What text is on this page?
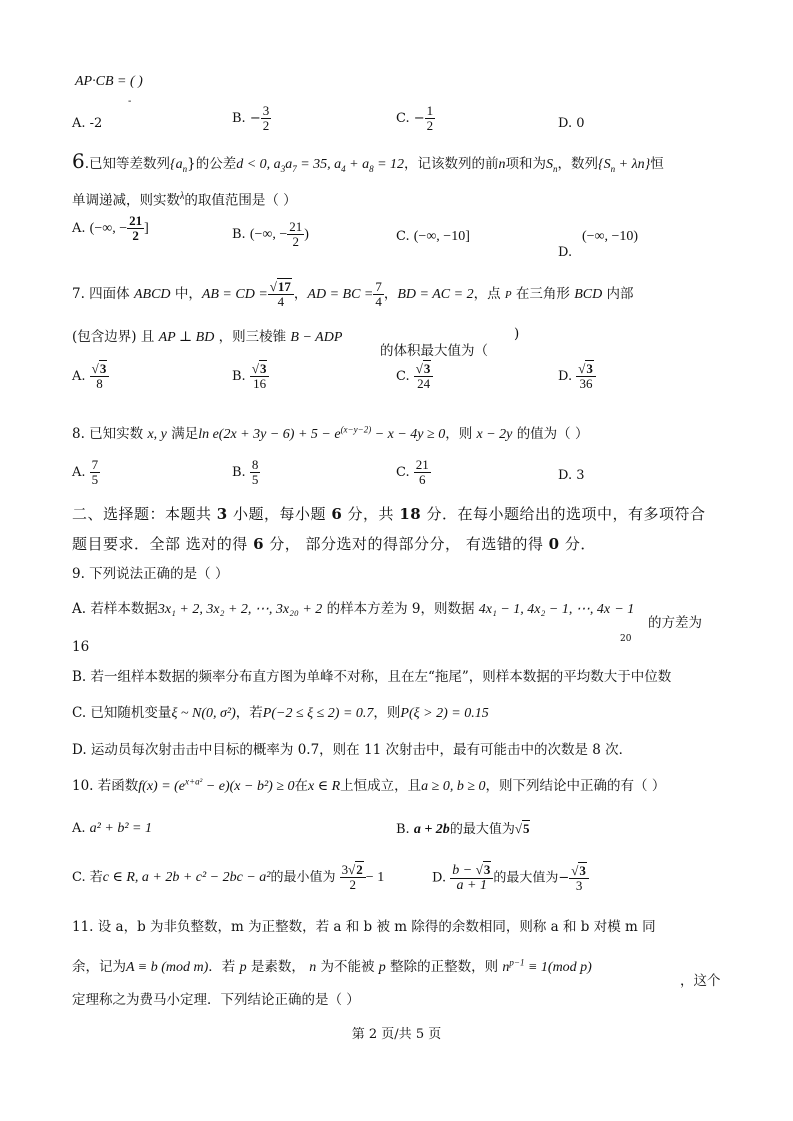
AP·CB = ( )
-
A. -2	B. − $\frac{3}{2}$	C. − $\frac{1}{2}$	D. 0
6.已知等差数列$\{a_n\}$的公差d < 0, $a_3a_7 = 35$, $a_4 + a_8 = 12$，记该数列的前n项和为$S_n$，数列$\{S_n + \lambda n\}$恒
单调递减，则实数$^\lambda$的取值范围是（ ）
A. (−∞, − $\frac{21}{2}$ ]	B. (−∞, − $\frac{21}{2}$ )	C. (−∞, −10]	(−∞, −10)
D.
7. 四面体 ABCD 中，AB = CD = $\frac{√17}{4}$ ，AD = BC = $\frac{7}{4}$ ，BD = AC = 2，点 P 在三角形 BCD 内部
(包含边界) 且 AP ⊥ BD ，则三棱锥 B − ADP	)
的体积最大值为（
A. $\frac{√3}{8}$	B. $\frac{√3}{16}$	C. $\frac{√3}{24}$	D. $\frac{√3}{36}$
8. 已知实数 x, y 满足$\ln e(2x + 3y - 6) + 5 - e^{(x-y-2)} - x - 4y \ge 0$，则 x − 2y 的值为（ ）
A. $\frac{7}{5}$	B. $\frac{8}{5}$	C. $\frac{21}{6}$	D. 3
二、选择题：本题共 3 小题，每小题 6 分，共 18 分．在每小题给出的选项中，有多项符合
题目要求．全部 选对的得 6 分， 部分选对的得部分分， 有选错的得 0 分．
9. 下列说法正确的是（ ）
A. 若样本数据3x₁ + 2, 3x₂ + 2, ⋯, 3x₂₀ + 2 的样本方差为 9，则数据 4x₁ − 1, 4x₂ − 1, ⋯, 4x − 1
20
的方差为
16
B. 若一组样本数据的频率分布直方图为单峰不对称，且在左“拖尾”，则样本数据的平均数大于中位数
C. 已知随机变量ξ ~ N(0, σ²)，若P(−2 ≤ ξ ≤ 2) = 0.7，则P(ξ > 2) = 0.15
D. 运动员每次射击击中目标的概率为 0.7，则在 11 次射击中，最有可能击中的次数是 8 次．
10. 若函数$f(x) = (e^{x+a^2} - e)(x - b^2) \ge 0$在x ∈ R上恒成立，且a ≥ 0, b ≥ 0，则下列结论中正确的有（ ）
A. a² + b² = 1	B. a + 2b的最大值为√5
C. 若c ∈ R, a + 2b + c² − 2bc − a²的最小值为 $\frac{3√2}{2} - 1$	D. $\frac{b - √3}{a + 1}$ 的最大值为− $\frac{√3}{3}$
11. 设 a，b 为非负整数，m 为正整数，若 a 和 b 被 m 除得的余数相同，则称 a 和 b 对模 m 同
余，记为A ≡ b (mod m)．若 p 是素数， n 为不能被 p 整除的正整数，则 $n^{p-1} \equiv 1(mod$ p)
，这个
定理称之为费马小定理．下列结论正确的是（ ）
第 2 页/共 5 页
